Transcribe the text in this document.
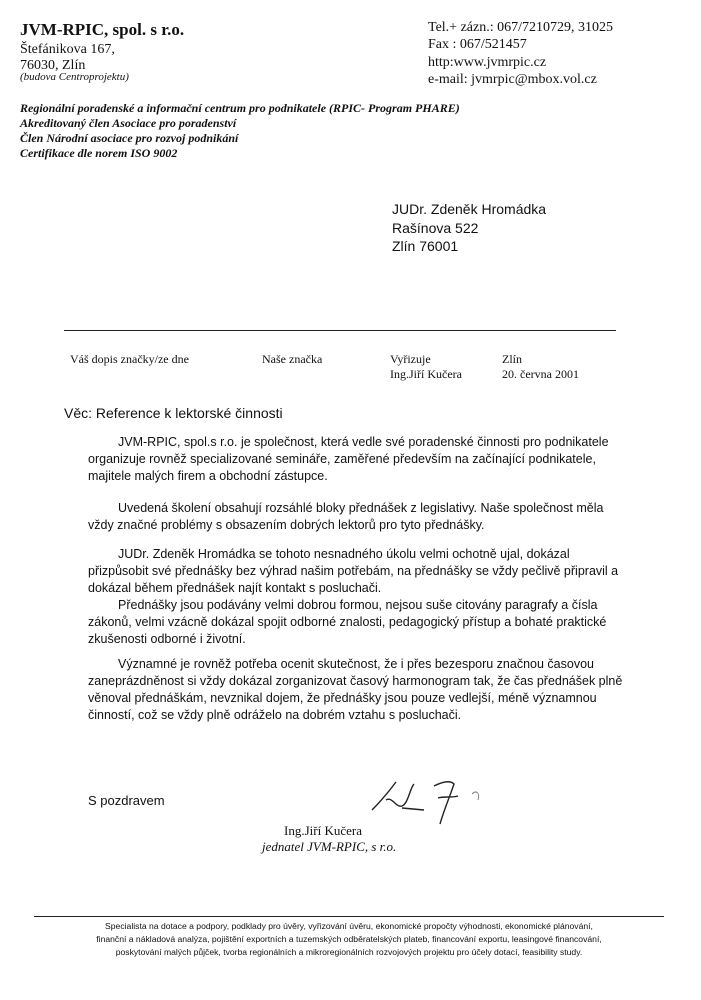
JVM-RPIC, spol. s r.o.
Štefánikova 167,
76030, Zlín
(budova Centroprojektu)
Tel.+ zázn.: 067/7210729, 31025
Fax : 067/521457
http:www.jvmrpic.cz
e-mail: jvmrpic@mbox.vol.cz
Regionální poradenské a informační centrum pro podnikatele (RPIC- Program PHARE)
Akreditovaný člen Asociace pro poradenství
Člen Národní asociace pro rozvoj podnikání
Certifikace dle norem ISO 9002
JUDr. Zdeněk Hromádka
Rašínova 522
Zlín 76001
Váš dopis značky/ze dne	Naše značka	Vyřizuje
Ing.Jiří Kučera
Zlín
20. června 2001
Věc: Reference k lektorské činnosti
JVM-RPIC, spol.s r.o. je společnost, která vedle své poradenské činnosti pro podnikatele organizuje rovněž specializované semináře, zaměřené především na začínající podnikatele, majitele malých firem a obchodní zástupce.
Uvedená školení obsahují rozsáhlé bloky přednášek z legislativy. Naše společnost měla vždy značné problémy s obsazením dobrých lektorů pro tyto přednášky.
JUDr. Zdeněk Hromádka se tohoto nesnadného úkolu velmi ochotně ujal, dokázal přizpůsobit své přednášky bez výhrad našim potřebám, na přednášky se vždy pečlivě připravil a dokázal během přednášek najít kontakt s posluchači.
Přednášky jsou podávány velmi dobrou formou, nejsou suše citovány paragrafy a čísla zákonů, velmi vzácně dokázal spojit odborné znalosti, pedagogický přístup a bohaté praktické zkušenosti odborné i životní.
Významné je rovněž potřeba ocenit skutečnost, že i přes bezesporu značnou časovou zaneprázdněnost si vždy dokázal zorganizovat časový harmonogram tak, že čas přednášek plně věnoval přednáškám, nevznikal dojem, že přednášky jsou pouze vedlejší, méně významnou činností, což se vždy plně odráželo na dobrém vztahu s posluchači.
S pozdravem
Ing.Jiří Kučera
jednatel JVM-RPIC, s r.o.
Specialista na dotace a podpory, podklady pro úvěry, vyřizování úvěru, ekonomické propočty výhodnosti, ekonomické plánování,
finanční a nákladová analýza, pojištění exportních a tuzemských odběratelských plateb, financování exportu, leasingové financování,
poskytování malých půjček, tvorba regionálních a mikroregionálních rozvojových projektu pro účely dotací, feasibility study.
